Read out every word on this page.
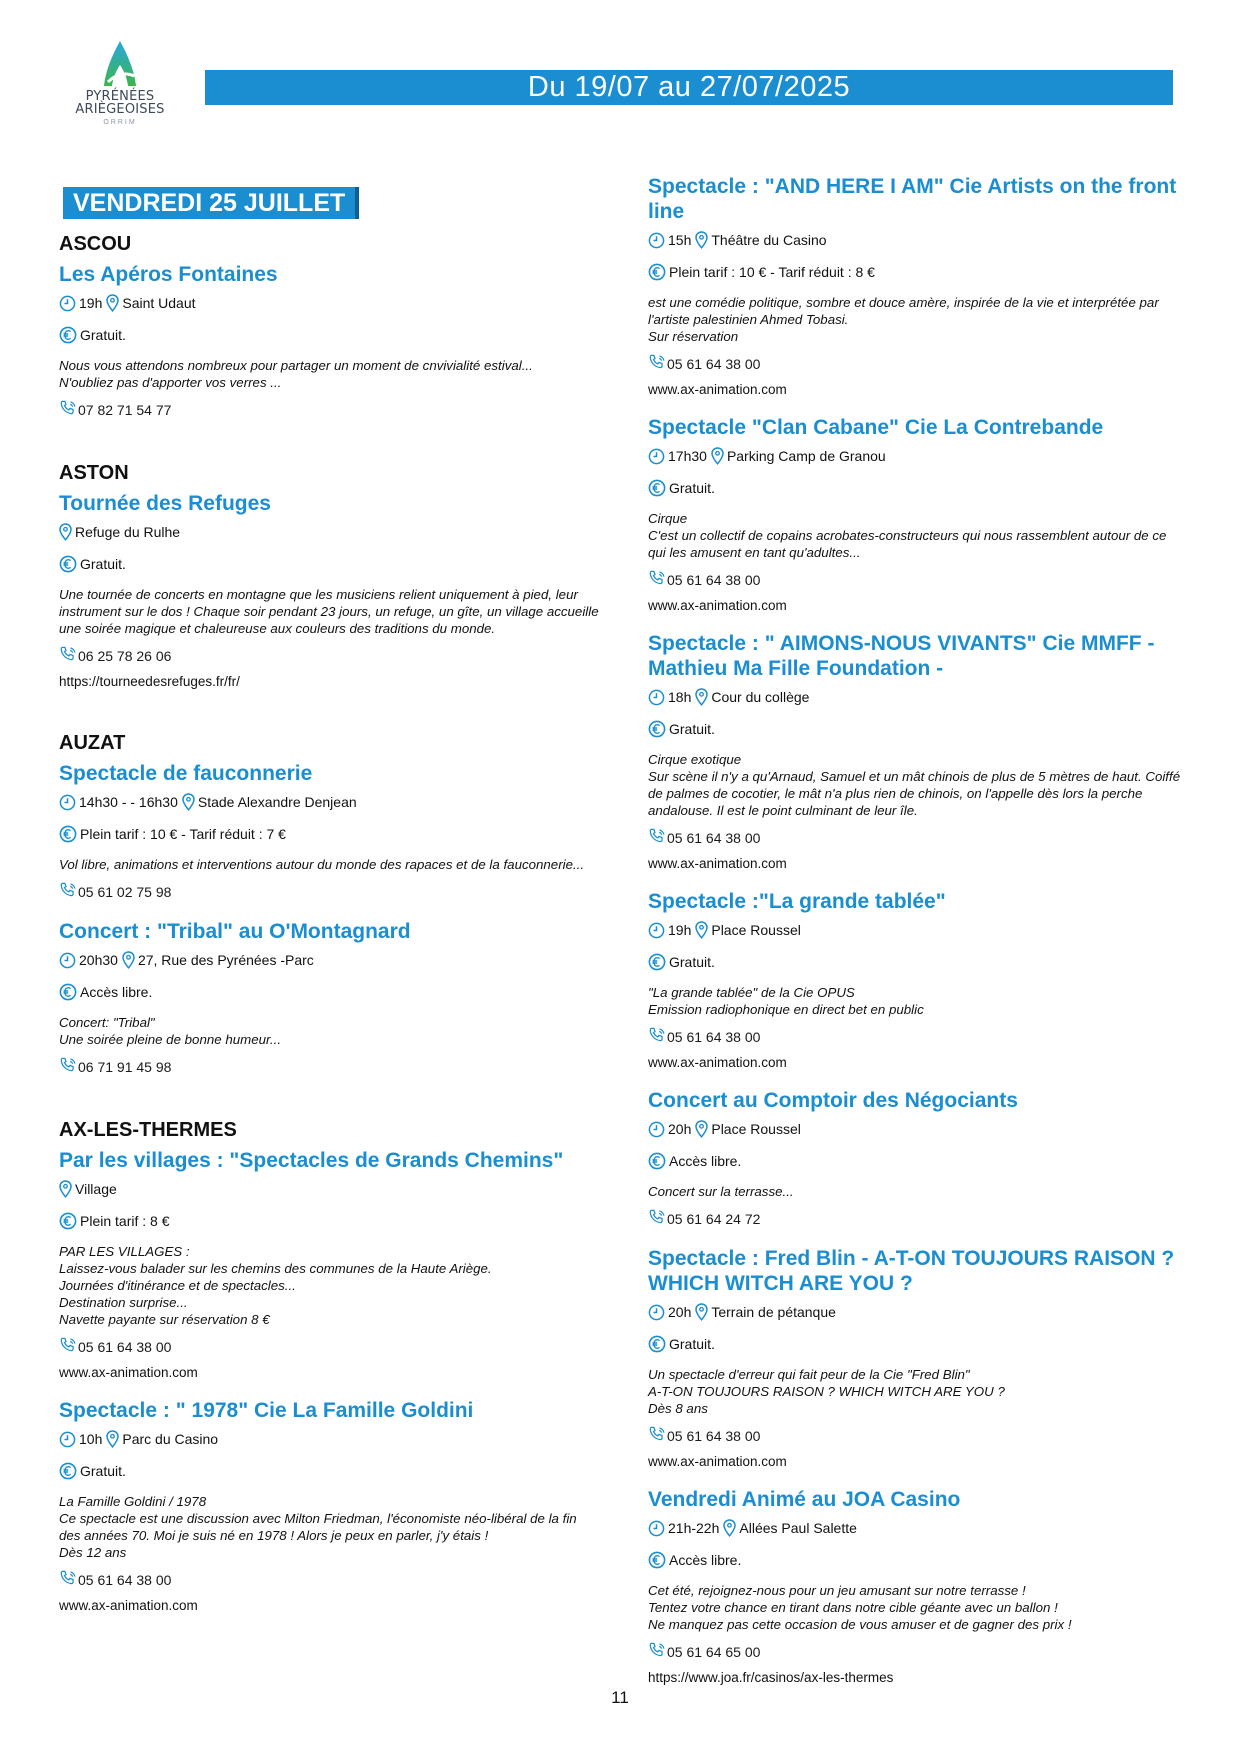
PYRÉNÉES
ARIÈGEOISES
ORRIM
Du 19/07 au 27/07/2025
VENDREDI 25 JUILLET
ASCOU
Les Apéros Fontaines
19h Saint Udaut
Gratuit.
Nous vous attendons nombreux pour partager un moment de cnvivialité estival...
N'oubliez pas d'apporter vos verres ...
07 82 71 54 77
ASTON
Tournée des Refuges
Refuge du Rulhe
Gratuit.
Une tournée de concerts en montagne que les musiciens relient uniquement à pied, leur instrument sur le dos ! Chaque soir pendant 23 jours, un refuge, un gîte, un village accueille une soirée magique et chaleureuse aux couleurs des traditions du monde.
06 25 78 26 06
https://tourneedesrefuges.fr/fr/
AUZAT
Spectacle de fauconnerie
14h30 - - 16h30 Stade Alexandre Denjean
Plein tarif : 10 € - Tarif réduit : 7 €
Vol libre, animations et interventions autour du monde des rapaces et de la fauconnerie...
05 61 02 75 98
Concert : "Tribal" au O'Montagnard
20h30 27, Rue des Pyrénées -Parc
Accès libre.
Concert: "Tribal"
Une soirée pleine de bonne humeur...
06 71 91 45 98
AX-LES-THERMES
Par les villages : "Spectacles de Grands Chemins"
Village
Plein tarif : 8 €
PAR LES VILLAGES :
Laissez-vous balader sur les chemins des communes de la Haute Ariège.
Journées d'itinérance et de spectacles...
Destination surprise...
Navette payante sur réservation 8 €
05 61 64 38 00
www.ax-animation.com
Spectacle : " 1978" Cie La Famille Goldini
10h Parc du Casino
Gratuit.
La Famille Goldini / 1978
Ce spectacle est une discussion avec Milton Friedman, l'économiste néo-libéral de la fin des années 70. Moi je suis né en 1978 ! Alors je peux en parler, j'y étais !
Dès 12 ans
05 61 64 38 00
www.ax-animation.com
Spectacle : "AND HERE I AM" Cie Artists on the front line
15h Théâtre du Casino
Plein tarif : 10 € - Tarif réduit : 8 €
est une comédie politique, sombre et douce amère, inspirée de la vie et interprétée par l'artiste palestinien Ahmed Tobasi.
Sur réservation
05 61 64 38 00
www.ax-animation.com
Spectacle "Clan Cabane" Cie La Contrebande
17h30 Parking Camp de Granou
Gratuit.
Cirque
C'est un collectif de copains acrobates-constructeurs qui nous rassemblent autour de ce qui les amusent en tant qu'adultes...
05 61 64 38 00
www.ax-animation.com
Spectacle : " AIMONS-NOUS VIVANTS" Cie MMFF - Mathieu Ma Fille Foundation -
18h Cour du collège
Gratuit.
Cirque exotique
Sur scène il n'y a qu'Arnaud, Samuel et un mât chinois de plus de 5 mètres de haut. Coiffé de palmes de cocotier, le mât n'a plus rien de chinois, on l'appelle dès lors la perche andalouse. Il est le point culminant de leur île.
05 61 64 38 00
www.ax-animation.com
Spectacle :"La grande tablée"
19h Place Roussel
Gratuit.
"La grande tablée" de la Cie OPUS
Emission radiophonique en direct bet en public
05 61 64 38 00
www.ax-animation.com
Concert au Comptoir des Négociants
20h Place Roussel
Accès libre.
Concert sur la terrasse...
05 61 64 24 72
Spectacle : Fred Blin - A-T-ON TOUJOURS RAISON ? WHICH WITCH ARE YOU ?
20h Terrain de pétanque
Gratuit.
Un spectacle d'erreur qui fait peur de la Cie "Fred Blin"
A-T-ON TOUJOURS RAISON ? WHICH WITCH ARE YOU ?
Dès 8 ans
05 61 64 38 00
www.ax-animation.com
Vendredi Animé au JOA Casino
21h-22h Allées Paul Salette
Accès libre.
Cet été, rejoignez-nous pour un jeu amusant sur notre terrasse !
Tentez votre chance en tirant dans notre cible géante avec un ballon !
Ne manquez pas cette occasion de vous amuser et de gagner des prix !
05 61 64 65 00
https://www.joa.fr/casinos/ax-les-thermes
11
